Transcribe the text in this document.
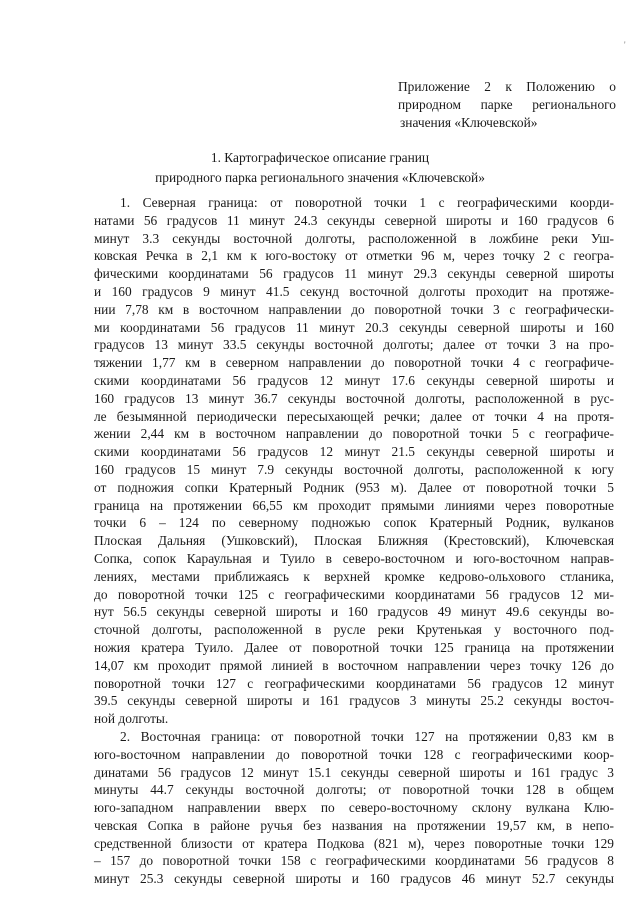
'
Приложение 2 к Положению о
природном парке регионального
значения «Ключевской»
1. Картографическое описание границ
природного парка регионального значения «Ключевской»
1. Северная граница: от поворотной точки 1 с географическими коорди-
натами 56 градусов 11 минут 24.3 секунды северной широты и 160 градусов 6
минут 3.3 секунды восточной долготы, расположенной в ложбине реки Уш-
ковская Речка в 2,1 км к юго-востоку от отметки 96 м, через точку 2 с геогра-
фическими координатами 56 градусов 11 минут 29.3 секунды северной широты
и 160 градусов 9 минут 41.5 секунд восточной долготы проходит на протяже-
нии 7,78 км в восточном направлении до поворотной точки 3 с географически-
ми координатами 56 градусов 11 минут 20.3 секунды северной широты и 160
градусов 13 минут 33.5 секунды восточной долготы; далее от точки 3 на про-
тяжении 1,77 км в северном направлении до поворотной точки 4 с географиче-
скими координатами 56 градусов 12 минут 17.6 секунды северной широты и
160 градусов 13 минут 36.7 секунды восточной долготы, расположенной в рус-
ле безымянной периодически пересыхающей речки; далее от точки 4 на протя-
жении 2,44 км в восточном направлении до поворотной точки 5 с географиче-
скими координатами 56 градусов 12 минут 21.5 секунды северной широты и
160 градусов 15 минут 7.9 секунды восточной долготы, расположенной к югу
от подножия сопки Кратерный Родник (953 м). Далее от поворотной точки 5
граница на протяжении 66,55 км проходит прямыми линиями через поворотные
точки 6 – 124 по северному подножью сопок Кратерный Родник, вулканов
Плоская Дальняя (Ушковский), Плоская Ближняя (Крестовский), Ключевская
Сопка, сопок Караульная и Туило в северо-восточном и юго-восточном направ-
лениях, местами приближаясь к верхней кромке кедрово-ольхового стланика,
до поворотной точки 125 с географическими координатами 56 градусов 12 ми-
нут 56.5 секунды северной широты и 160 градусов 49 минут 49.6 секунды во-
сточной долготы, расположенной в русле реки Крутенькая у восточного под-
ножия кратера Туило. Далее от поворотной точки 125 граница на протяжении
14,07 км проходит прямой линией в восточном направлении через точку 126 до
поворотной точки 127 с географическими координатами 56 градусов 12 минут
39.5 секунды северной широты и 161 градусов 3 минуты 25.2 секунды восточ-
ной долготы.
2. Восточная граница: от поворотной точки 127 на протяжении 0,83 км в
юго-восточном направлении до поворотной точки 128 с географическими коор-
динатами 56 градусов 12 минут 15.1 секунды северной широты и 161 градус 3
минуты 44.7 секунды восточной долготы; от поворотной точки 128 в общем
юго-западном направлении вверх по северо-восточному склону вулкана Клю-
чевская Сопка в районе ручья без названия на протяжении 19,57 км, в непо-
средственной близости от кратера Подкова (821 м), через поворотные точки 129
– 157 до поворотной точки 158 с географическими координатами 56 градусов 8
минут 25.3 секунды северной широты и 160 градусов 46 минут 52.7 секунды
